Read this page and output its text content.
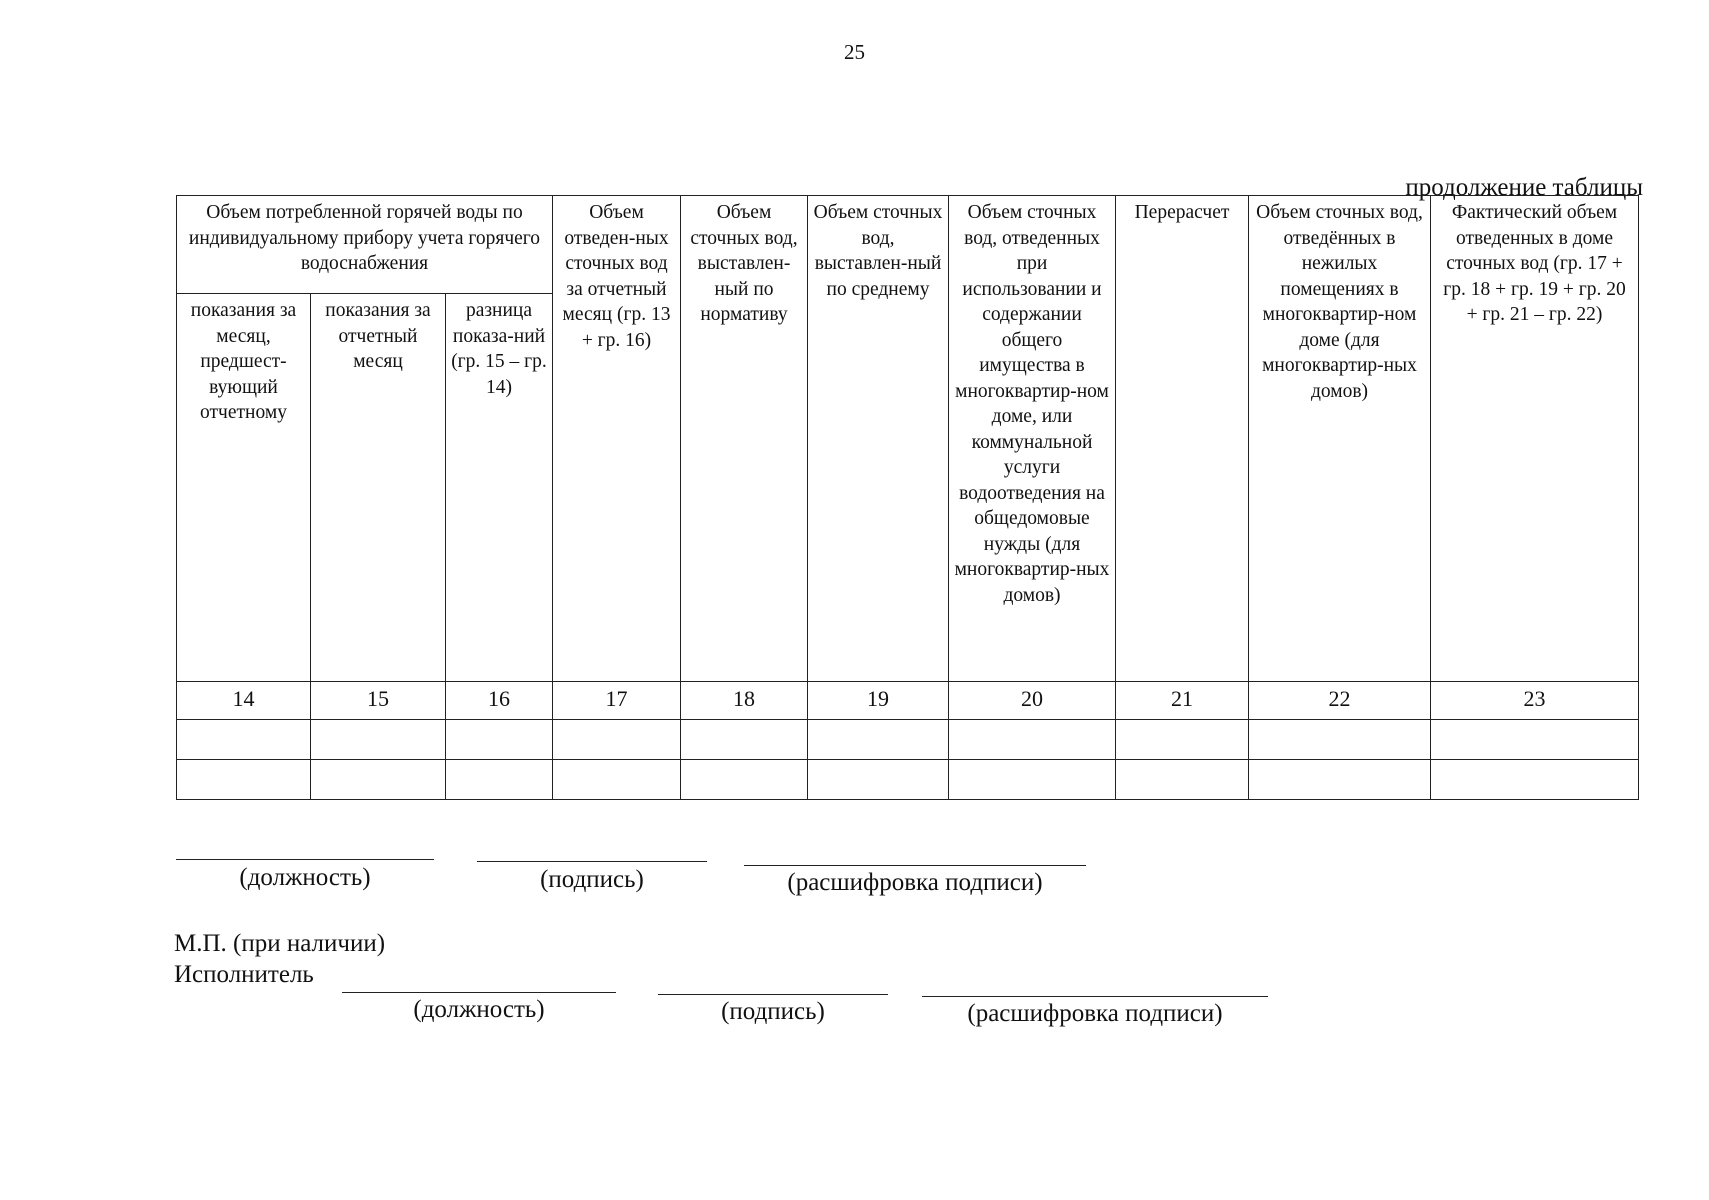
25
продолжение таблицы
Объем потребленной горячей воды по индивидуальному прибору учета горячего водоснабжения			Объем отведен-ных сточных вод за отчетный месяц (гр. 13 + гр. 16)	Объем сточных вод, выставлен-ный по нормативу	Объем сточных вод, выставлен-ный по среднему	Объем сточных вод, отведенных при использовании и содержании общего имущества в многоквартир-ном доме, или коммунальной услуги водоотведения на общедомовые нужды (для многоквартир-ных домов)	Перерасчет	Объем сточных вод, отведённых в нежилых помещениях в многоквартир-ном доме (для многоквартир-ных домов)	Фактический объем отведенных в доме сточных вод (гр. 17 + гр. 18 + гр. 19 + гр. 20 + гр. 21 – гр. 22)
показания за месяц, предшест-вующий отчетному	показания за отчетный месяц	разница показа-ний (гр. 15 – гр. 14)							
14	15	16	17	18	19	20	21	22	23

(должность)	(подпись)	(расшифровка подписи)
М.П. (при наличии)
Исполнитель
(должность)	(подпись)	(расшифровка подписи)
